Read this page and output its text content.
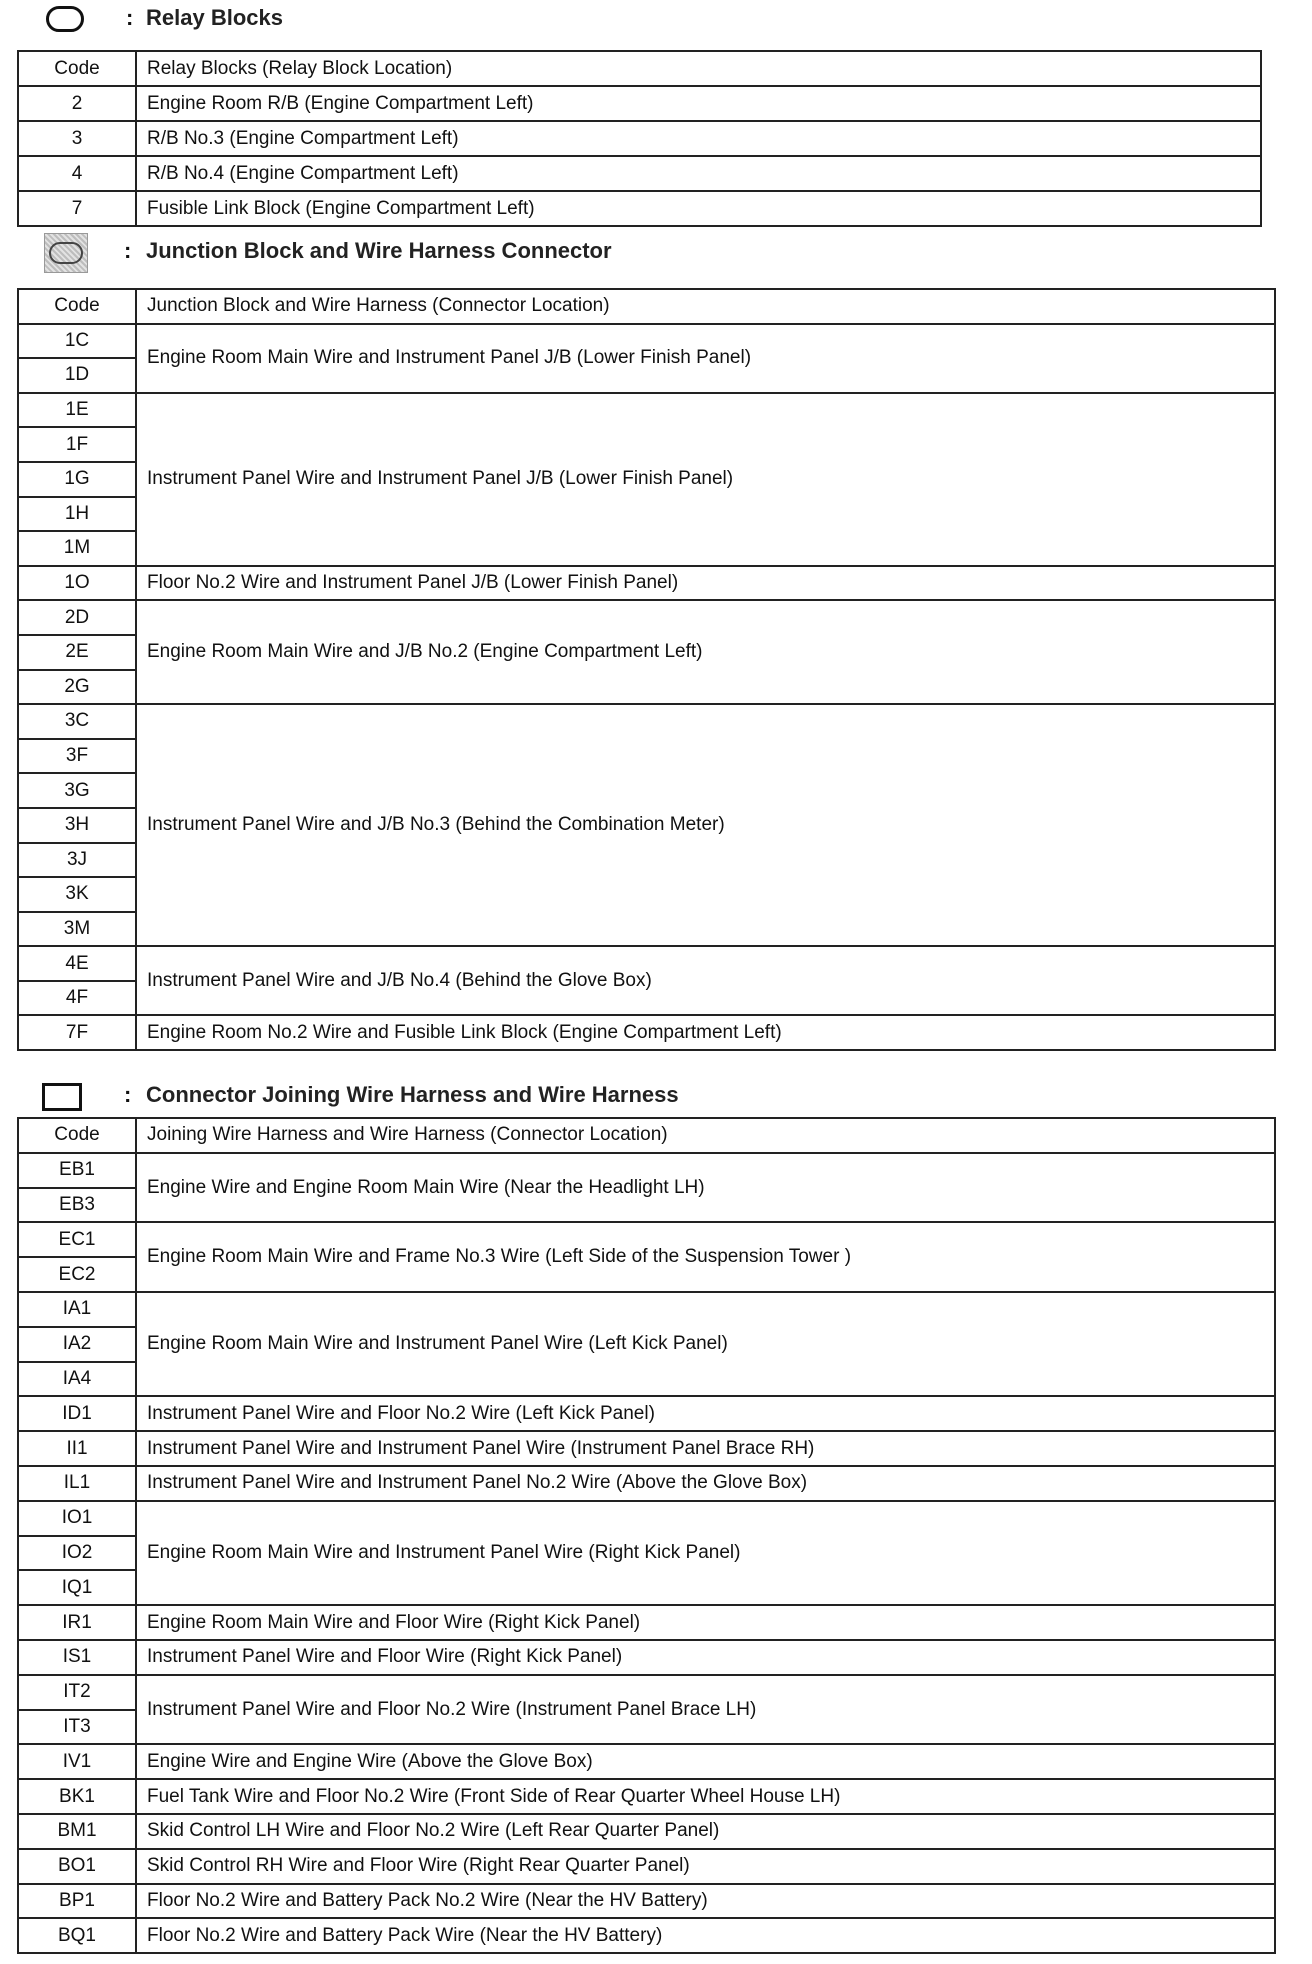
: Relay Blocks
Code	Relay Blocks (Relay Block Location)
2	Engine Room R/B (Engine Compartment Left)
3	R/B No.3 (Engine Compartment Left)
4	R/B No.4 (Engine Compartment Left)
7	Fusible Link Block (Engine Compartment Left)
: Junction Block and Wire Harness Connector
Code	Junction Block and Wire Harness (Connector Location)
1C	Engine Room Main Wire and Instrument Panel J/B (Lower Finish Panel)
1D	
1E	Instrument Panel Wire and Instrument Panel J/B (Lower Finish Panel)
1F	
1G	
1H	
1M	
1O	Floor No.2 Wire and Instrument Panel J/B (Lower Finish Panel)
2D	Engine Room Main Wire and J/B No.2 (Engine Compartment Left)
2E	
2G	
3C	Instrument Panel Wire and J/B No.3 (Behind the Combination Meter)
3F	
3G	
3H	
3J	
3K	
3M	
4E	Instrument Panel Wire and J/B No.4 (Behind the Glove Box)
4F	
7F	Engine Room No.2 Wire and Fusible Link Block (Engine Compartment Left)
: Connector Joining Wire Harness and Wire Harness
Code	Joining Wire Harness and Wire Harness (Connector Location)
EB1	Engine Wire and Engine Room Main Wire (Near the Headlight LH)
EB3	
EC1	Engine Room Main Wire and Frame No.3 Wire (Left Side of the Suspension Tower )
EC2	
IA1	Engine Room Main Wire and Instrument Panel Wire (Left Kick Panel)
IA2	
IA4	
ID1	Instrument Panel Wire and Floor No.2 Wire (Left Kick Panel)
II1	Instrument Panel Wire and Instrument Panel Wire (Instrument Panel Brace RH)
IL1	Instrument Panel Wire and Instrument Panel No.2 Wire (Above the Glove Box)
IO1	Engine Room Main Wire and Instrument Panel Wire (Right Kick Panel)
IO2	
IQ1	
IR1	Engine Room Main Wire and Floor Wire (Right Kick Panel)
IS1	Instrument Panel Wire and Floor Wire (Right Kick Panel)
IT2	Instrument Panel Wire and Floor No.2 Wire (Instrument Panel Brace LH)
IT3	
IV1	Engine Wire and Engine Wire (Above the Glove Box)
BK1	Fuel Tank Wire and Floor No.2 Wire (Front Side of Rear Quarter Wheel House LH)
BM1	Skid Control LH Wire and Floor No.2 Wire (Left Rear Quarter Panel)
BO1	Skid Control RH Wire and Floor Wire (Right Rear Quarter Panel)
BP1	Floor No.2 Wire and Battery Pack No.2 Wire (Near the HV Battery)
BQ1	Floor No.2 Wire and Battery Pack Wire (Near the HV Battery)
